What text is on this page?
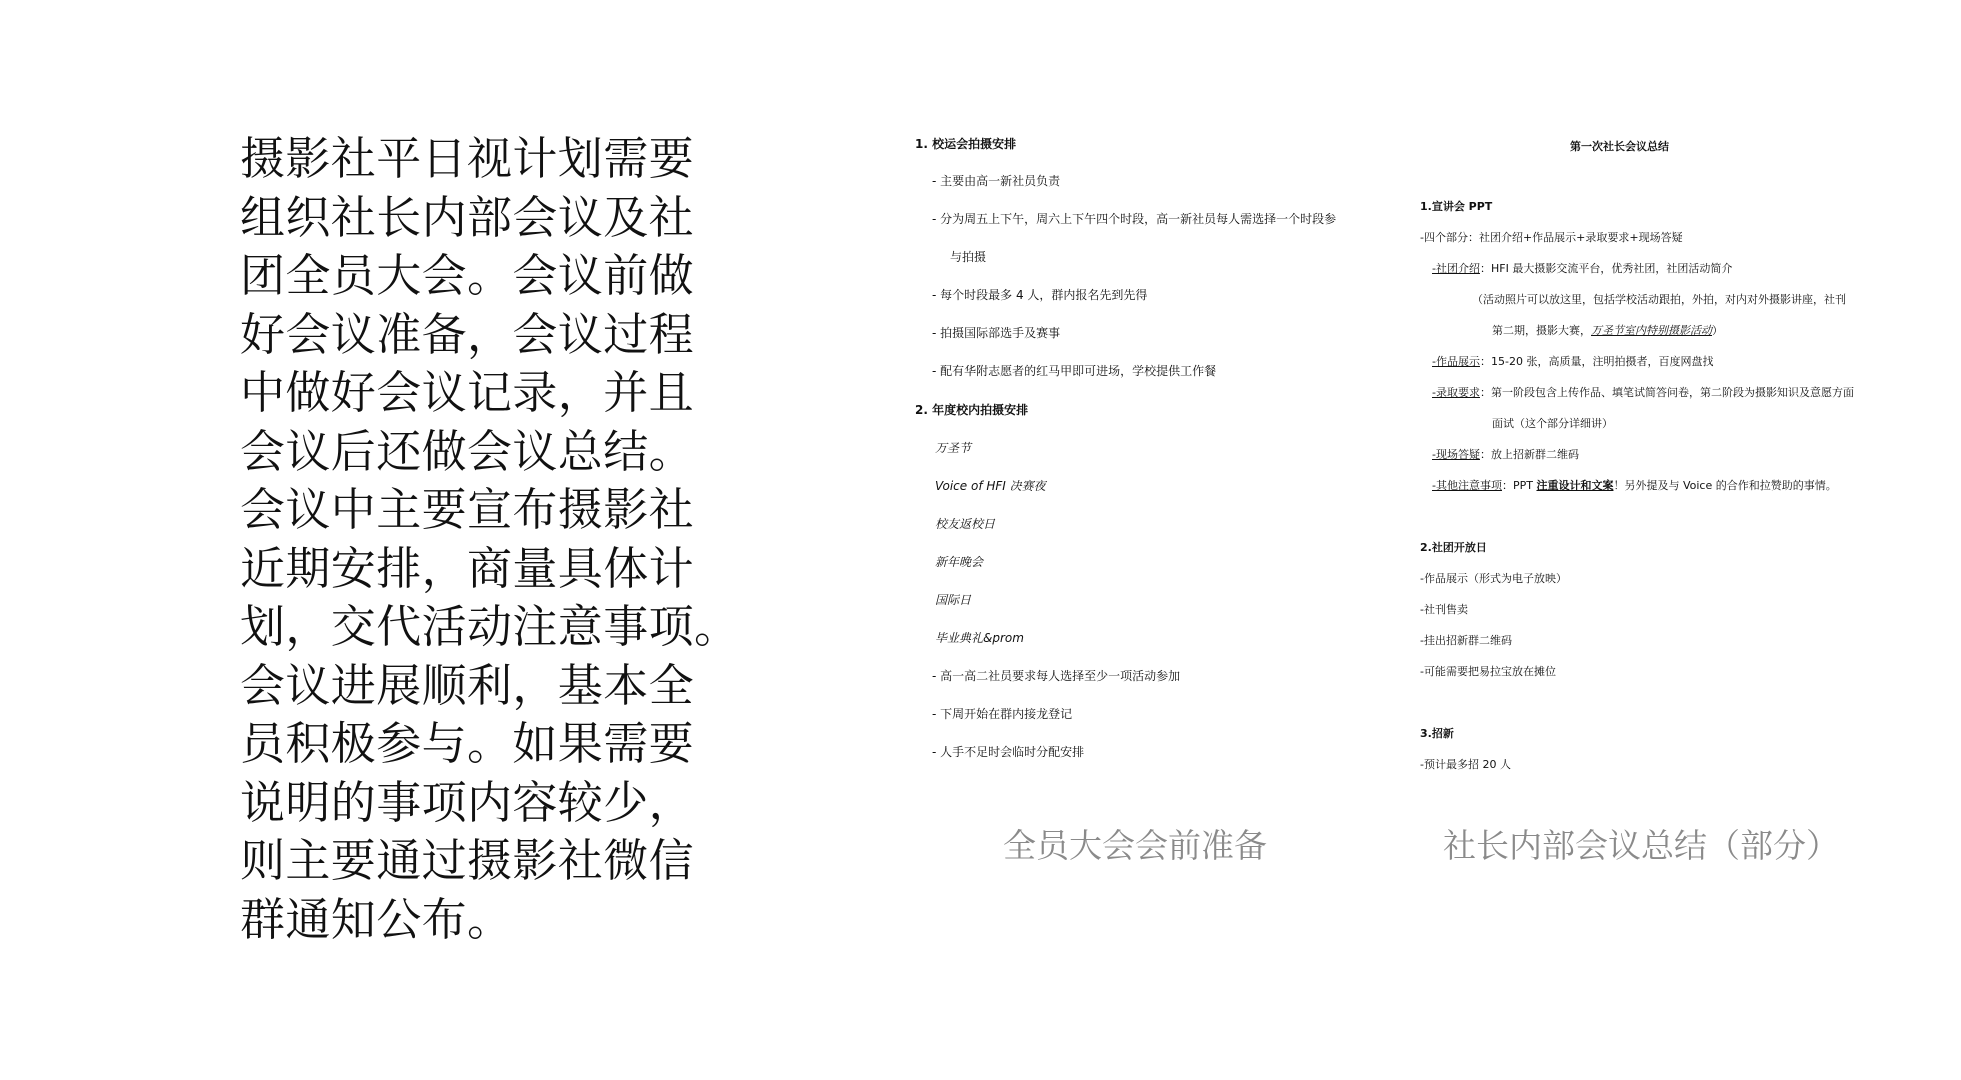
摄影社平日视计划需要
组织社长内部会议及社
团全员大会。会议前做
好会议准备，会议过程
中做好会议记录，并且
会议后还做会议总结。
会议中主要宣布摄影社
近期安排，商量具体计
划，交代活动注意事项。
会议进展顺利，基本全
员积极参与。如果需要
说明的事项内容较少，
则主要通过摄影社微信
群通知公布。
1. 校运会拍摄安排
- 主要由高一新社员负责
- 分为周五上下午，周六上下午四个时段，高一新社员每人需选择一个时段参
与拍摄
- 每个时段最多 4 人，群内报名先到先得
- 拍摄国际部选手及赛事
- 配有华附志愿者的红马甲即可进场，学校提供工作餐
2. 年度校内拍摄安排
万圣节
Voice of HFI 决赛夜
校友返校日
新年晚会
国际日
毕业典礼&prom
- 高一高二社员要求每人选择至少一项活动参加
- 下周开始在群内接龙登记
- 人手不足时会临时分配安排
第一次社长会议总结
1.宣讲会 PPT
-四个部分：社团介绍+作品展示+录取要求+现场答疑
-社团介绍：HFI 最大摄影交流平台，优秀社团，社团活动简介
（活动照片可以放这里，包括学校活动跟拍，外拍，对内对外摄影讲座，社刊
第二期，摄影大赛，万圣节室内特别摄影活动）
-作品展示：15-20 张，高质量，注明拍摄者，百度网盘找
-录取要求：第一阶段包含上传作品、填笔试简答问卷，第二阶段为摄影知识及意愿方面
面试（这个部分详细讲）
-现场答疑：放上招新群二维码
-其他注意事项：PPT 注重设计和文案！另外提及与 Voice 的合作和拉赞助的事情。
2.社团开放日
-作品展示（形式为电子放映）
-社刊售卖
-挂出招新群二维码
-可能需要把易拉宝放在摊位
3.招新
-预计最多招 20 人
全员大会会前准备	社长内部会议总结（部分）
